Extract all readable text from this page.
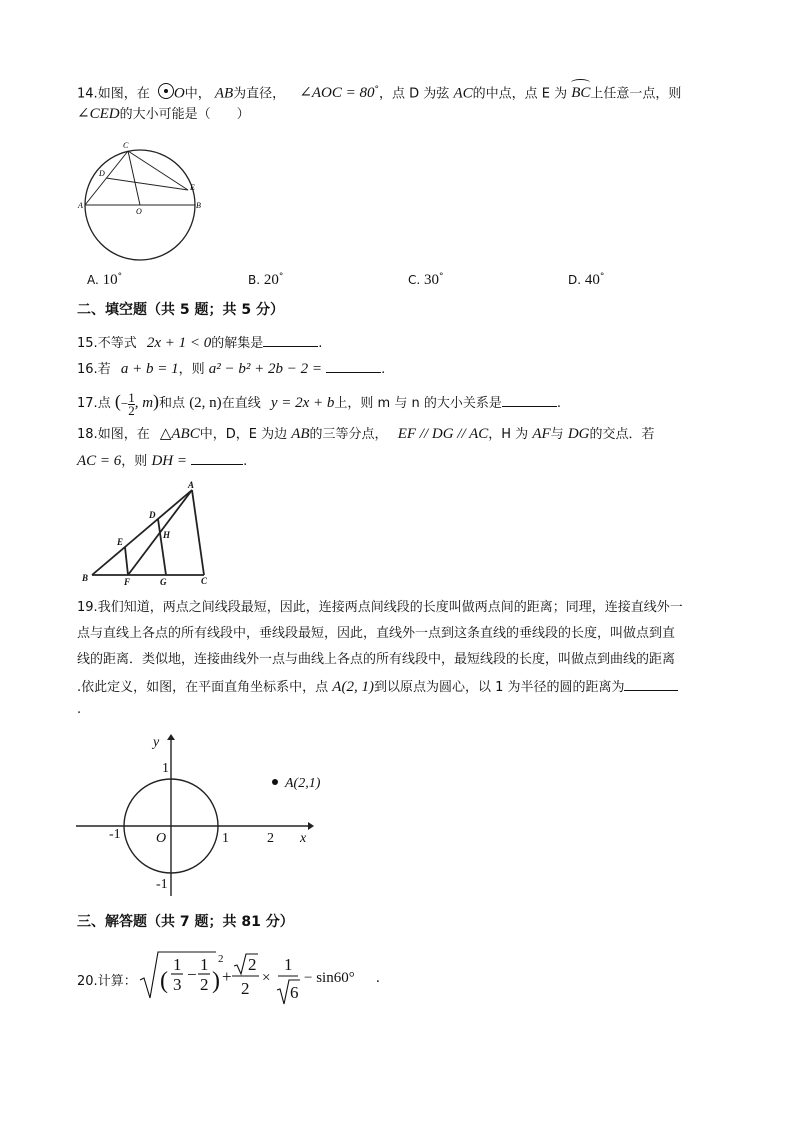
14.如图，在 O中， AB为直径， ∠AOC = 80°，点 D 为弦 AC的中点，点 E 为 BC
上任意一点，则
∠CED的大小可能是（　　）
C
D
E
A
O
B
A. 10°	B. 20°	C. 30°	D. 40°
二、填空题（共 5 题；共 5 分）
15.不等式 2x + 1 < 0的解集是	.
16.若 a + b = 1，则 a² − b² + 2b − 2 =	.
17.点 (− $\frac{1}{2}$ , m)和点 (2, n)在直线 y = 2x + b上，则 m 与 n 的大小关系是	.
18.如图，在 △ABC中，D，E 为边 AB的三等分点， EF // DG // AC，H 为 AF与 DG的交点．若
AC = 6，则 DH =	.
A
D
E
H
B	F	G	C
19.我们知道，两点之间线段最短，因此，连接两点间线段的长度叫做两点间的距离；同理，连接直线外一
点与直线上各点的所有线段中，垂线段最短，因此，直线外一点到这条直线的垂线段的长度，叫做点到直
线的距离．类似地，连接曲线外一点与曲线上各点的所有线段中，最短线段的长度，叫做点到曲线的距离
.依此定义，如图，在平面直角坐标系中，点 A(2, 1)到以原点为圆心，以 1 为半径的圆的距离为
.
y
x
O
1
-1
-1	1	2
A(2,1)
三、解答题（共 7 题；共 81 分）
20.计算： (
1
3
−
1
2 )
2
+
2
2
×
1
6
− sin60° .
